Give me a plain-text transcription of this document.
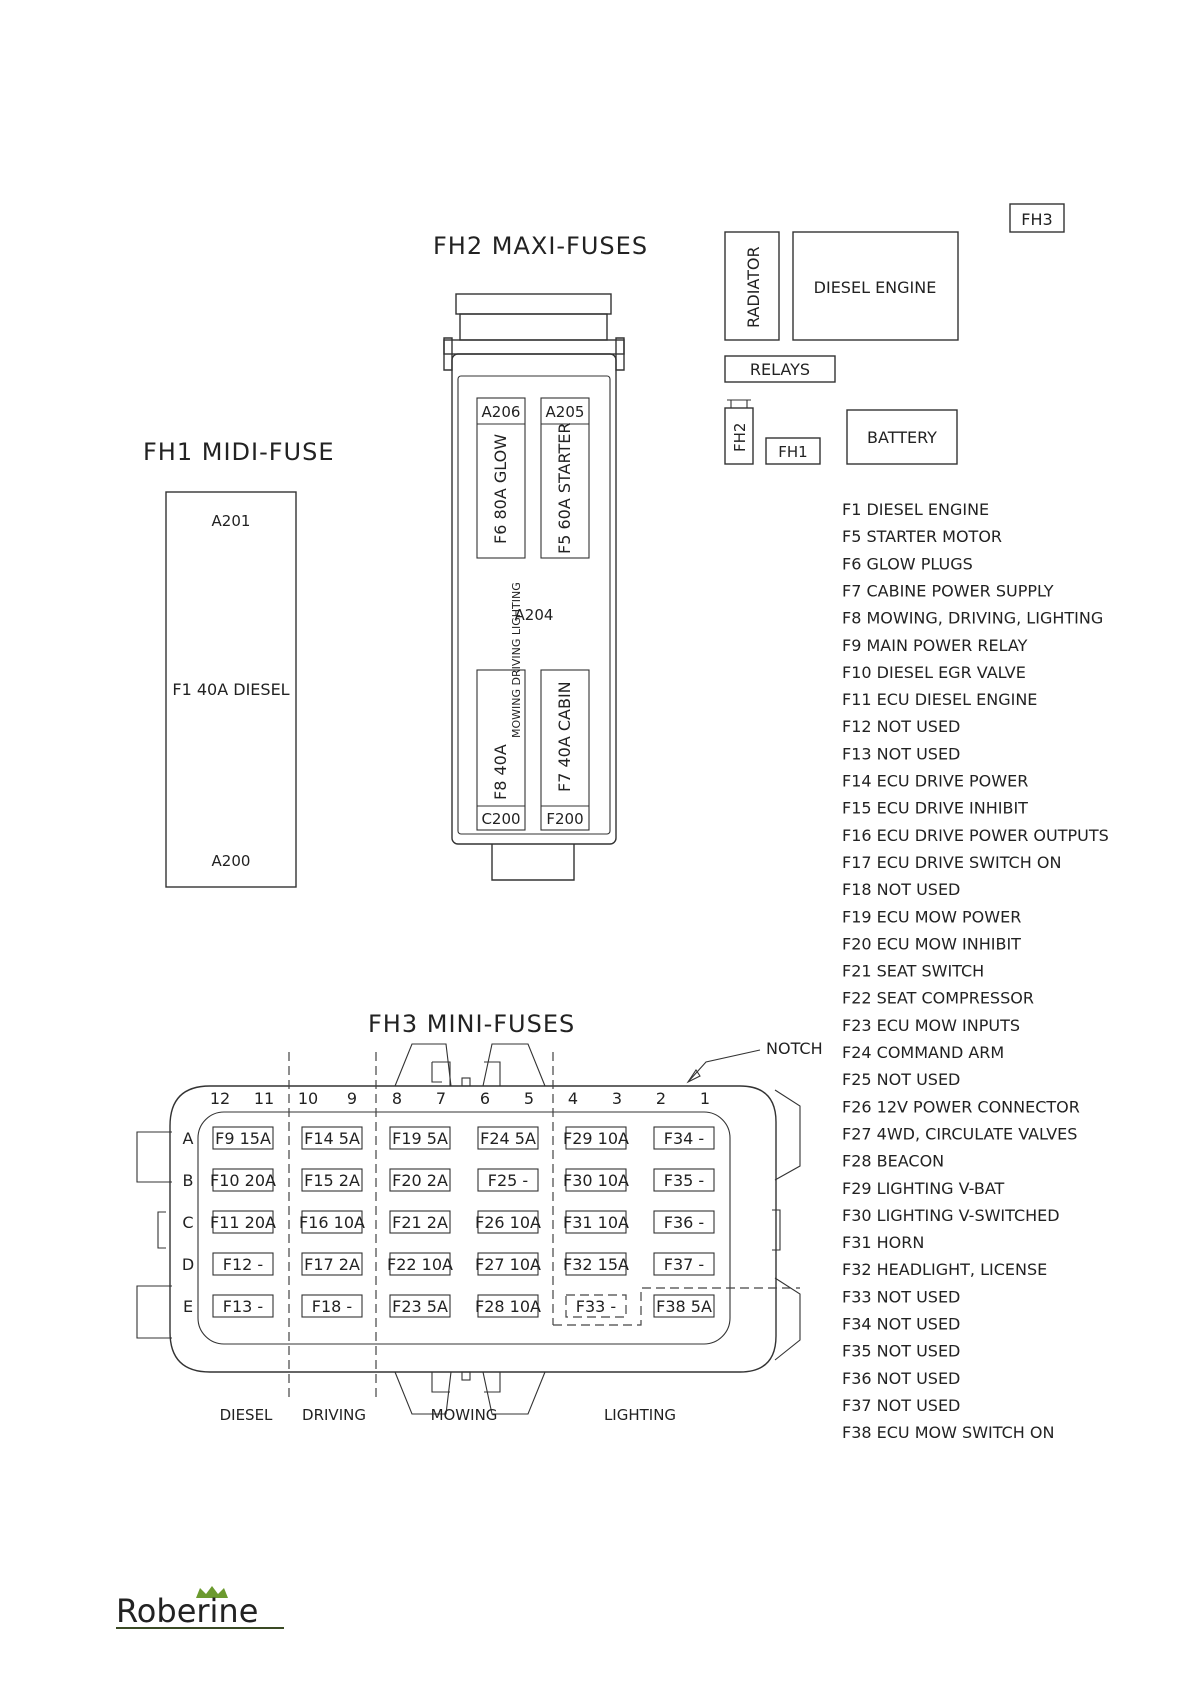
FH3
FH2 MAXI-FUSES
A206
F6 80A GLOW
A205
F5 60A STARTER
A204
F8 40A
MOWING DRIVING LIGHTING
C200
F7 40A CABIN
F200
FH1 MIDI-FUSE
A201
F1 40A DIESEL
A200
RADIATOR	DIESEL ENGINE
RELAYS
FH2 FH1
BATTERY
F1 DIESEL ENGINE
F5 STARTER MOTOR
F6 GLOW PLUGS
F7 CABINE POWER SUPPLY
F8 MOWING, DRIVING, LIGHTING
F9 MAIN POWER RELAY
F10 DIESEL EGR VALVE
F11 ECU DIESEL ENGINE
F12 NOT USED
F13 NOT USED
F14 ECU DRIVE POWER
F15 ECU DRIVE INHIBIT
F16 ECU DRIVE POWER OUTPUTS
F17 ECU DRIVE SWITCH ON
F18 NOT USED
F19 ECU MOW POWER
F20 ECU MOW INHIBIT
F21 SEAT SWITCH
F22 SEAT COMPRESSOR
F23 ECU MOW INPUTS
F24 COMMAND ARM
F25 NOT USED
F26 12V POWER CONNECTOR
F27 4WD, CIRCULATE VALVES
F28 BEACON
F29 LIGHTING V-BAT
F30 LIGHTING V-SWITCHED
F31 HORN
F32 HEADLIGHT, LICENSE
F33 NOT USED
F34 NOT USED
F35 NOT USED
F36 NOT USED
F37 NOT USED
F38 ECU MOW SWITCH ON
FH3 MINI-FUSES
12 11 10 9 8 7 6 5 4 3 2 1
A
B
C
D
E
F9 15A F14 5A F19 5A F24 5A F29 10A F34 -
F10 20A F15 2A F20 2A F25 - F30 10A F35 -
F11 20A F16 10A F21 2A F26 10A F31 10A F36 -
F12 -	F17 2A F22 10A F27 10A F32 15A F37 -
F13 -	F18 - F23 5A F28 10A F33 - F38 5A
NOTCH
DIESEL DRIVING	MOWING	LIGHTING
Roberine
